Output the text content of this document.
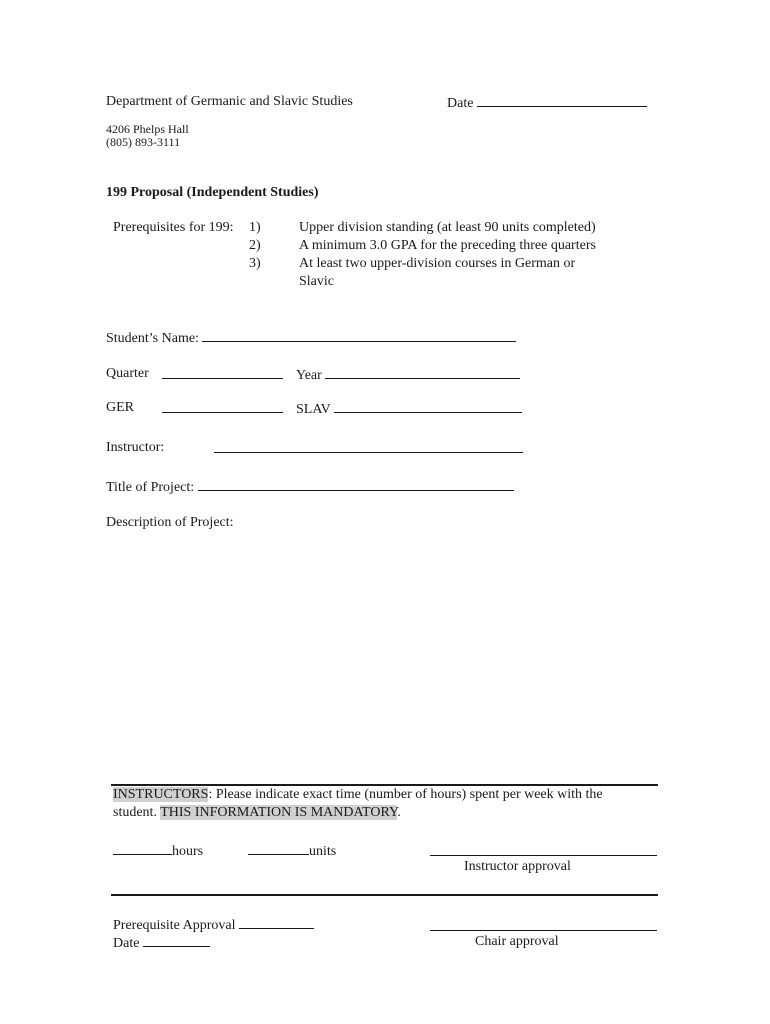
Department of Germanic and Slavic Studies	Date
4206 Phelps Hall
(805) 893-3111
199 Proposal (Independent Studies)
Prerequisites for 199: 1)	Upper division standing (at least 90 units completed)
2)	A minimum 3.0 GPA for the preceding three quarters
3)	At least two upper-division courses in German or
Slavic
Student’s Name:
Quarter	Year
GER	SLAV
Instructor:
Title of Project:
Description of Project:
INSTRUCTORS: Please indicate exact time (number of hours) spent per week with the
student. THIS INFORMATION IS MANDATORY.
hours	units
Instructor approval
Prerequisite Approval
Date	Chair approval
